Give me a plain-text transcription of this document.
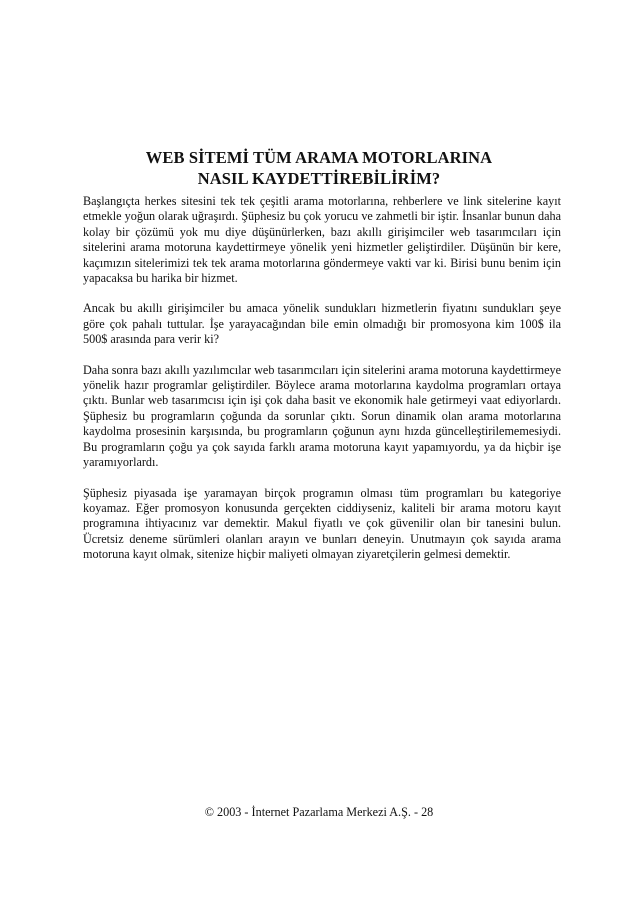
WEB SİTEMİ TÜM ARAMA MOTORLARINA
NASIL KAYDETTİREBİLİRİM?

Başlangıçta herkes sitesini tek tek çeşitli arama motorlarına, rehberlere ve link sitelerine kayıt etmekle yoğun olarak uğraşırdı. Şüphesiz bu çok yorucu ve zahmetli bir iştir. İnsanlar bunun daha kolay bir çözümü yok mu diye düşünürlerken, bazı akıllı girişimciler web tasarımcıları için sitelerini arama motoruna kaydettirmeye yönelik yeni hizmetler geliştirdiler. Düşünün bir kere, kaçımızın sitelerimizi tek tek arama motorlarına göndermeye vakti var ki. Birisi bunu benim için yapacaksa bu harika bir hizmet.

Ancak bu akıllı girişimciler bu amaca yönelik sundukları hizmetlerin fiyatını sundukları şeye göre çok pahalı tuttular. İşe yarayacağından bile emin olmadığı bir promosyona kim 100$ ila 500$ arasında para verir ki?

Daha sonra bazı akıllı yazılımcılar web tasarımcıları için sitelerini arama motoruna kaydettirmeye yönelik hazır programlar geliştirdiler. Böylece arama motorlarına kaydolma programları ortaya çıktı. Bunlar web tasarımcısı için işi çok daha basit ve ekonomik hale getirmeyi vaat ediyorlardı. Şüphesiz bu programların çoğunda da sorunlar çıktı. Sorun dinamik olan arama motorlarına kaydolma prosesinin karşısında, bu programların çoğunun aynı hızda güncelleştirilememesiydi. Bu programların çoğu ya çok sayıda farklı arama motoruna kayıt yapamıyordu, ya da hiçbir işe yaramıyorlardı.

Şüphesiz piyasada işe yaramayan birçok programın olması tüm programları bu kategoriye koyamaz. Eğer promosyon konusunda gerçekten ciddiyseniz, kaliteli bir arama motoru kayıt programına ihtiyacınız var demektir. Makul fiyatlı ve çok güvenilir olan bir tanesini bulun. Ücretsiz deneme sürümleri olanları arayın ve bunları deneyin. Unutmayın çok sayıda arama motoruna kayıt olmak, sitenize hiçbir maliyeti olmayan ziyaretçilerin gelmesi demektir.

© 2003 - İnternet Pazarlama Merkezi A.Ş. - 28
